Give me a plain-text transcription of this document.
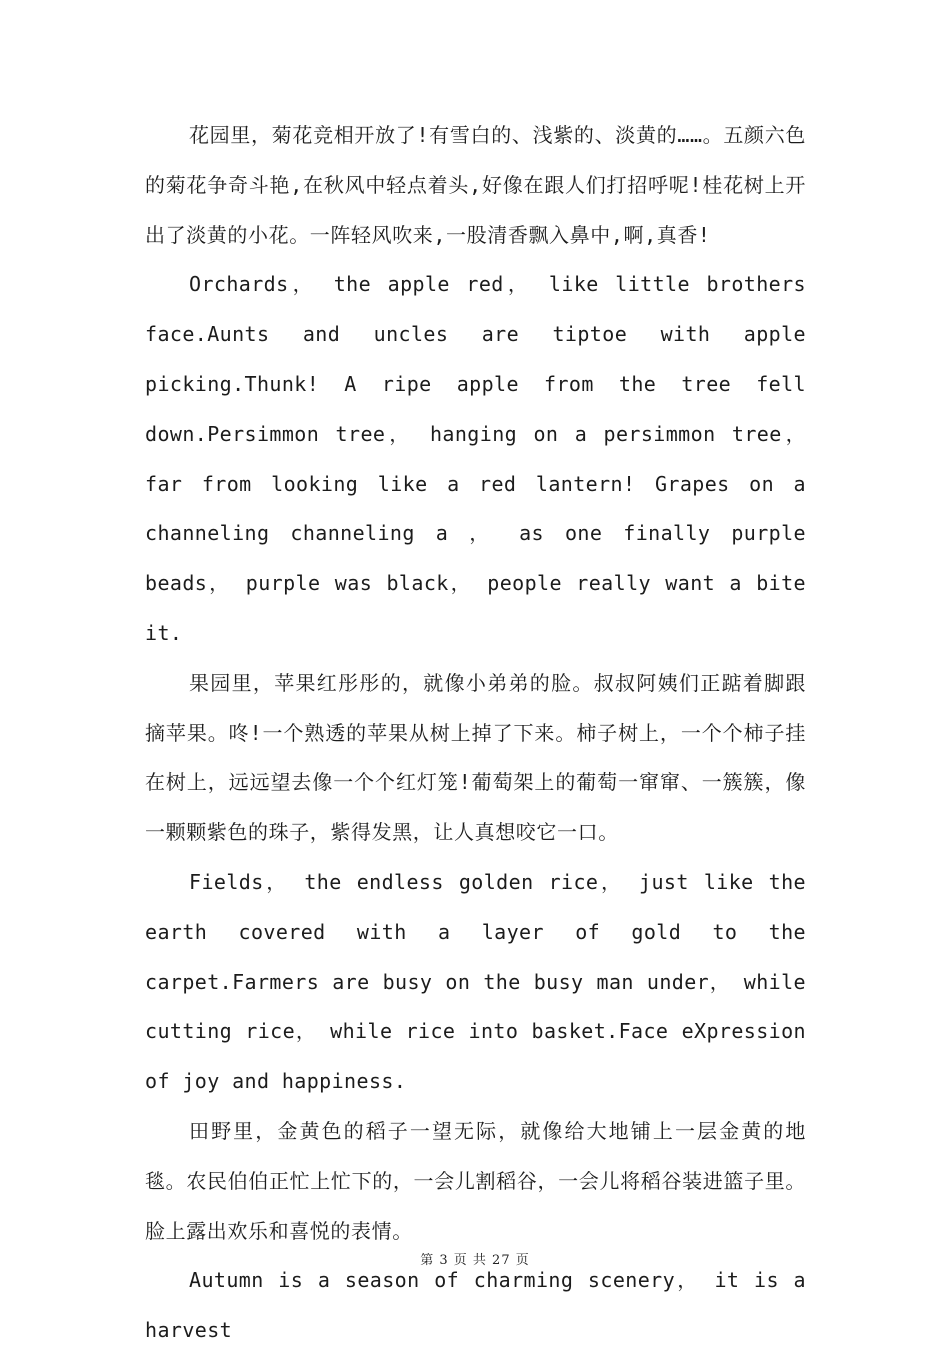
花园里，菊花竞相开放了!有雪白的、浅紫的、淡黄的……。五颜六色的菊花争奇斗艳,在秋风中轻点着头,好像在跟人们打招呼呢!桂花树上开出了淡黄的小花。一阵轻风吹来,一股清香飘入鼻中,啊,真香!

Orchards， the apple red， like little brothers face.Aunts and uncles are tiptoe with apple picking.Thunk! A ripe apple from the tree fell down.Persimmon tree， hanging on a persimmon tree， far from looking like a red lantern! Grapes on a channeling channeling a ， as one finally purple beads， purple was black， people really want a bite it.

果园里，苹果红彤彤的，就像小弟弟的脸。叔叔阿姨们正踮着脚跟摘苹果。咚!一个熟透的苹果从树上掉了下来。柿子树上，一个个柿子挂在树上，远远望去像一个个红灯笼!葡萄架上的葡萄一窜窜、一簇簇，像一颗颗紫色的珠子，紫得发黑，让人真想咬它一口。

Fields， the endless golden rice， just like the earth covered with a layer of gold to the carpet.Farmers are busy on the busy man under， while cutting rice， while rice into basket.Face eXpression of joy and happiness.

田野里，金黄色的稻子一望无际，就像给大地铺上一层金黄的地毯。农民伯伯正忙上忙下的，一会儿割稻谷，一会儿将稻谷装进篮子里。脸上露出欢乐和喜悦的表情。

Autumn is a season of charming scenery， it is a harvest

第 3 页 共 27 页
